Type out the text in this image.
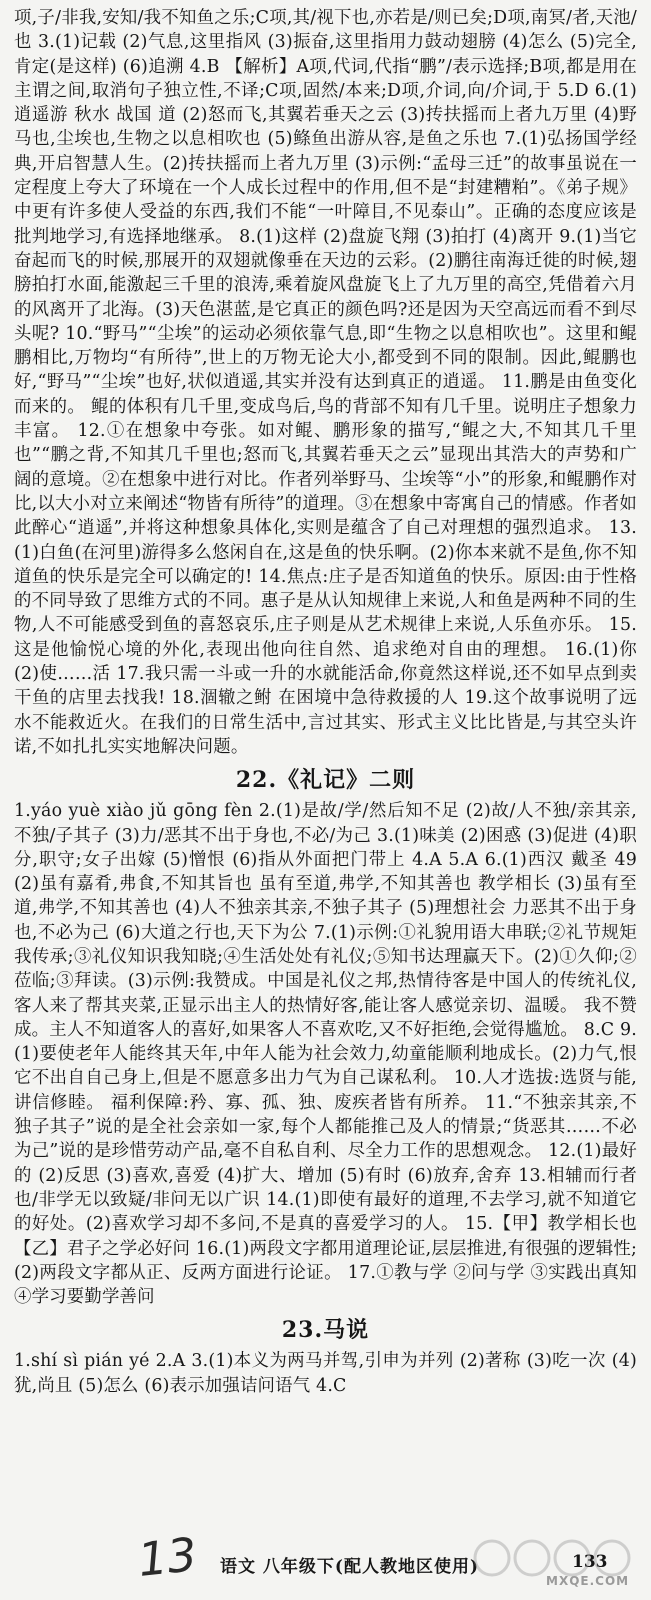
项,子/非我,安知/我不知鱼之乐;C项,其/视下也,亦若是/则已矣;D项,南冥/者,天池/也 3.(1)记载 (2)气息,这里指风 (3)振奋,这里指用力鼓动翅膀 (4)怎么 (5)完全,肯定(是这样) (6)追溯 4.B 【解析】A项,代词,代指“鹏”/表示选择;B项,都是用在主谓之间,取消句子独立性,不译;C项,固然/本来;D项,介词,向/介词,于 5.D 6.(1)逍遥游 秋水 战国 道 (2)怒而飞,其翼若垂天之云 (3)抟扶摇而上者九万里 (4)野马也,尘埃也,生物之以息相吹也 (5)鲦鱼出游从容,是鱼之乐也 7.(1)弘扬国学经典,开启智慧人生。(2)抟扶摇而上者九万里 (3)示例:“孟母三迁”的故事虽说在一定程度上夸大了环境在一个人成长过程中的作用,但不是“封建糟粕”。《弟子规》中更有许多使人受益的东西,我们不能“一叶障目,不见泰山”。正确的态度应该是批判地学习,有选择地继承。 8.(1)这样 (2)盘旋飞翔 (3)拍打 (4)离开 9.(1)当它奋起而飞的时候,那展开的双翅就像垂在天边的云彩。(2)鹏往南海迁徙的时候,翅膀拍打水面,能激起三千里的浪涛,乘着旋风盘旋飞上了九万里的高空,凭借着六月的风离开了北海。(3)天色湛蓝,是它真正的颜色吗?还是因为天空高远而看不到尽头呢? 10.“野马”“尘埃”的运动必须依靠气息,即“生物之以息相吹也”。这里和鲲鹏相比,万物均“有所待”,世上的万物无论大小,都受到不同的限制。因此,鲲鹏也好,“野马”“尘埃”也好,状似逍遥,其实并没有达到真正的逍遥。 11.鹏是由鱼变化而来的。 鲲的体积有几千里,变成鸟后,鸟的背部不知有几千里。说明庄子想象力丰富。 12.①在想象中夸张。如对鲲、鹏形象的描写,“鲲之大,不知其几千里也”“鹏之背,不知其几千里也;怒而飞,其翼若垂天之云”显现出其浩大的声势和广阔的意境。②在想象中进行对比。作者列举野马、尘埃等“小”的形象,和鲲鹏作对比,以大小对立来阐述“物皆有所待”的道理。③在想象中寄寓自己的情感。作者如此醉心“逍遥”,并将这种想象具体化,实则是蕴含了自己对理想的强烈追求。 13.(1)白鱼(在河里)游得多么悠闲自在,这是鱼的快乐啊。(2)你本来就不是鱼,你不知道鱼的快乐是完全可以确定的! 14.焦点:庄子是否知道鱼的快乐。原因:由于性格的不同导致了思维方式的不同。惠子是从认知规律上来说,人和鱼是两种不同的生物,人不可能感受到鱼的喜怒哀乐,庄子则是从艺术规律上来说,人乐鱼亦乐。 15.这是他愉悦心境的外化,表现出他向往自然、追求绝对自由的理想。 16.(1)你 (2)使……活 17.我只需一斗或一升的水就能活命,你竟然这样说,还不如早点到卖干鱼的店里去找我! 18.涸辙之鲋 在困境中急待救援的人 19.这个故事说明了远水不能救近火。在我们的日常生活中,言过其实、形式主义比比皆是,与其空头许诺,不如扎扎实实地解决问题。

22.《礼记》二则

1.yáo yuè xiào jǔ gōng fèn 2.(1)是故/学/然后知不足 (2)故/人不独/亲其亲,不独/子其子 (3)力/恶其不出于身也,不必/为己 3.(1)味美 (2)困惑 (3)促进 (4)职分,职守;女子出嫁 (5)憎恨 (6)指从外面把门带上 4.A 5.A 6.(1)西汉 戴圣 49 (2)虽有嘉肴,弗食,不知其旨也 虽有至道,弗学,不知其善也 教学相长 (3)虽有至道,弗学,不知其善也 (4)人不独亲其亲,不独子其子 (5)理想社会 力恶其不出于身也,不必为己 (6)大道之行也,天下为公 7.(1)示例:①礼貌用语大串联;②礼节规矩我传承;③礼仪知识我知晓;④生活处处有礼仪;⑤知书达理赢天下。(2)①久仰;②莅临;③拜读。(3)示例:我赞成。中国是礼仪之邦,热情待客是中国人的传统礼仪,客人来了帮其夹菜,正显示出主人的热情好客,能让客人感觉亲切、温暖。 我不赞成。主人不知道客人的喜好,如果客人不喜欢吃,又不好拒绝,会觉得尴尬。 8.C 9.(1)要使老年人能终其天年,中年人能为社会效力,幼童能顺利地成长。(2)力气,恨它不出自自己身上,但是不愿意多出力气为自己谋私利。 10.人才选拔:选贤与能,讲信修睦。 福利保障:矜、寡、孤、独、废疾者皆有所养。 11.“不独亲其亲,不独子其子”说的是全社会亲如一家,每个人都能推己及人的情景;“货恶其……不必为己”说的是珍惜劳动产品,毫不自私自利、尽全力工作的思想观念。 12.(1)最好的 (2)反思 (3)喜欢,喜爱 (4)扩大、增加 (5)有时 (6)放弃,舍弃 13.相辅而行者也/非学无以致疑/非问无以广识 14.(1)即使有最好的道理,不去学习,就不知道它的好处。(2)喜欢学习却不多问,不是真的喜爱学习的人。 15.【甲】教学相长也 【乙】君子之学必好问 16.(1)两段文字都用道理论证,层层推进,有很强的逻辑性;(2)两段文字都从正、反两方面进行论证。 17.①教与学 ②问与学 ③实践出真知 ④学习要勤学善问

23.马说

1.shí sì pián yé 2.A 3.(1)本义为两马并驾,引申为并列 (2)著称 (3)吃一次 (4)犹,尚且 (5)怎么 (6)表示加强诘问语气 4.C

13 语文 八年级下(配人教地区使用)	133
MXQE.COM
